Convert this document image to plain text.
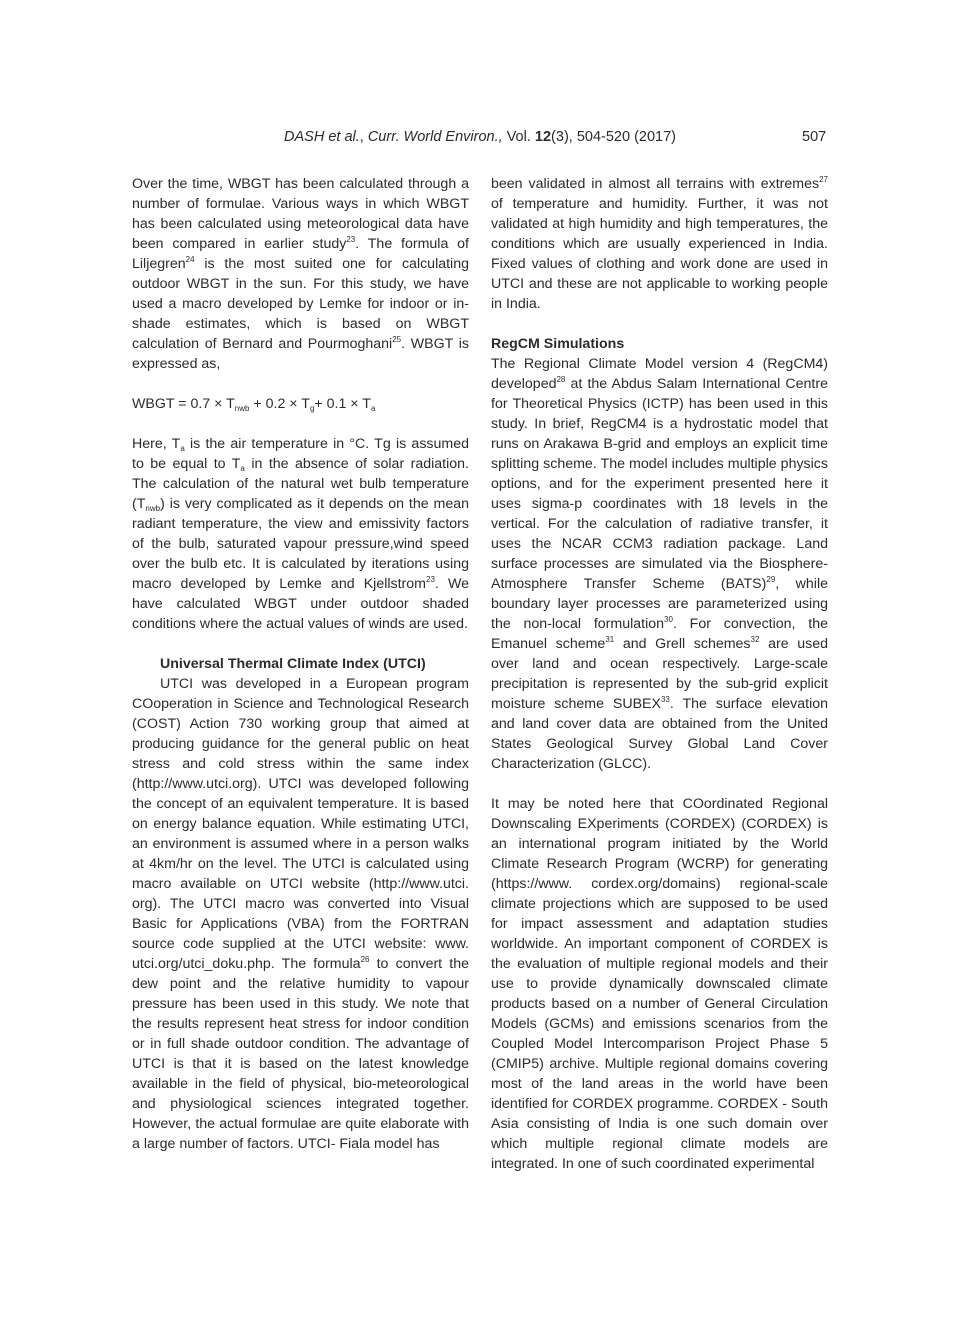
DASH et al., Curr. World Environ., Vol. 12(3), 504-520 (2017)	507

Over the time, WBGT has been calculated through a number of formulae. Various ways in which WBGT has been calculated using meteorological data have been compared in earlier study$^{23}$. The formula of Liljegren$^{24}$ is the most suited one for calculating outdoor WBGT in the sun. For this study, we have used a macro developed by Lemke for indoor or in-shade estimates, which is based on WBGT calculation of Bernard and Pourmoghani$^{25}$. WBGT is expressed as,

WBGT = $0.7 \times T_{nwb} + 0.2 \times T_g+ 0.1 \times T_a$

Here, $T_a$ is the air temperature in °C. Tg is assumed to be equal to $T_a$ in the absence of solar radiation. The calculation of the natural wet bulb temperature $(T_{nwb})$ is very complicated as it depends on the mean radiant temperature, the view and emissivity factors of the bulb, saturated vapour pressure,wind speed over the bulb etc. It is calculated by iterations using macro developed by Lemke and Kjellstrom$^{23}$. We have calculated WBGT under outdoor shaded conditions where the actual values of winds are used.

Universal Thermal Climate Index (UTCI)

UTCI was developed in a European program COoperation in Science and Technological Research (COST) Action 730 working group that aimed at producing guidance for the general public on heat stress and cold stress within the same index (http://www.utci.org). UTCI was developed following the concept of an equivalent temperature. It is based on energy balance equation. While estimating UTCI, an environment is assumed where in a person walks at 4km/hr on the level. The UTCI is calculated using macro available on UTCI website (http://www.utci. org). The UTCI macro was converted into Visual Basic for Applications (VBA) from the FORTRAN source code supplied at the UTCI website: www. utci.org/utci_doku.php. The formula$^{26}$ to convert the dew point and the relative humidity to vapour pressure has been used in this study. We note that the results represent heat stress for indoor condition or in full shade outdoor condition. The advantage of UTCI is that it is based on the latest knowledge available in the field of physical, bio-meteorological and physiological sciences integrated together. However, the actual formulae are quite elaborate with a large number of factors. UTCI- Fiala model has

been validated in almost all terrains with extremes$^{27}$ of temperature and humidity. Further, it was not validated at high humidity and high temperatures, the conditions which are usually experienced in India. Fixed values of clothing and work done are used in UTCI and these are not applicable to working people in India.

RegCM Simulations

The Regional Climate Model version 4 (RegCM4) developed$^{28}$ at the Abdus Salam International Centre for Theoretical Physics (ICTP) has been used in this study. In brief, RegCM4 is a hydrostatic model that runs on Arakawa B-grid and employs an explicit time splitting scheme. The model includes multiple physics options, and for the experiment presented here it uses sigma-p coordinates with 18 levels in the vertical. For the calculation of radiative transfer, it uses the NCAR CCM3 radiation package. Land surface processes are simulated via the Biosphere-Atmosphere Transfer Scheme (BATS)$^{29}$, while boundary layer processes are parameterized using the non-local formulation$^{30}$. For convection, the Emanuel scheme$^{31}$ and Grell schemes$^{32}$ are used over land and ocean respectively. Large-scale precipitation is represented by the sub-grid explicit moisture scheme SUBEX$^{33}$. The surface elevation and land cover data are obtained from the United States Geological Survey Global Land Cover Characterization (GLCC).

It may be noted here that COordinated Regional Downscaling EXperiments (CORDEX) (CORDEX) is an international program initiated by the World Climate Research Program (WCRP) for generating (https://www. cordex.org/domains) regional-scale climate projections which are supposed to be used for impact assessment and adaptation studies worldwide. An important component of CORDEX is the evaluation of multiple regional models and their use to provide dynamically downscaled climate products based on a number of General Circulation Models (GCMs) and emissions scenarios from the Coupled Model Intercomparison Project Phase 5 (CMIP5) archive. Multiple regional domains covering most of the land areas in the world have been identified for CORDEX programme. CORDEX - South Asia consisting of India is one such domain over which multiple regional climate models are integrated. In one of such coordinated experimental
